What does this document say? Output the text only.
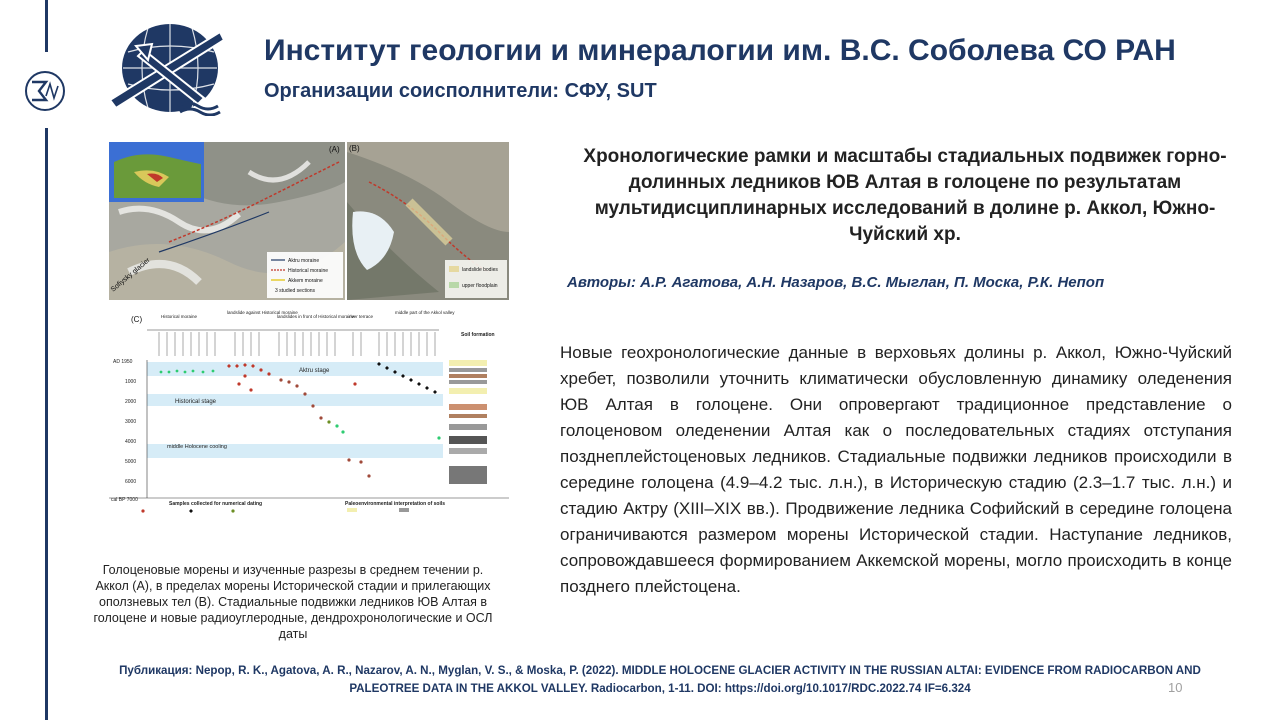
Институт геологии и минералогии им. В.С. Соболева СО РАН
Организации соисполнители: СФУ, SUT
(A)
Sofiysky glacier	Aktru moraine
Historical moraine
Akkem moraine
3 studied sections
(B)
landslide bodies
upper floodplain
(C)	Historical moraine
landslide against Historical moraine
landslides in front of Historical moraine
river terrace
middle part of the Akkol valley
Soil formation
Aktru stage
Historical stage
middle Holocene cooling
AD 1950
1000
2000
3000
4000
5000
6000
cal BP 7000
Samples collected for numerical dating	Paleoenvironmental interpretation of soils

Голоценовые морены и изученные разрезы в среднем течении р. Аккол (А), в пределах морены Исторической стадии и прилегающих оползневых тел (В). Стадиальные подвижки ледников ЮВ Алтая в голоцене и новые радиоуглеродные, дендрохронологические и ОСЛ даты

Хронологические рамки и масштабы стадиальных подвижек горно-долинных ледников ЮВ Алтая в голоцене по результатам мультидисциплинарных исследований в долине р. Аккол, Южно-Чуйский хр.

Авторы: А.Р. Агатова, А.Н. Назаров, В.С. Мыглан, П. Моска, Р.К. Непоп

Новые геохронологические данные в верховьях долины р. Аккол, Южно-Чуйский хребет, позволили уточнить климатически обусловленную динамику оледенения ЮВ Алтая в голоцене. Они опровергают традиционное представление о голоценовом оледенении Алтая как о последовательных стадиях отступания позднеплейстоценовых ледников. Стадиальные подвижки ледников происходили в середине голоцена (4.9–4.2 тыс. л.н.), в Историческую стадию (2.3–1.7 тыс. л.н.) и стадию Актру (XIII–XIX вв.). Продвижение ледника Софийский в середине голоцена ограничиваются размером морены Исторической стадии. Наступание ледников, сопровождавшееся формированием Аккемской морены, могло происходить в конце позднего плейстоцена.

Публикация: Nepop, R. K., Agatova, A. R., Nazarov, A. N., Myglan, V. S., & Moska, P. (2022). MIDDLE HOLOCENE GLACIER ACTIVITY IN THE RUSSIAN ALTAI: EVIDENCE FROM RADIOCARBON AND
PALEOTREE DATA IN THE AKKOL VALLEY. Radiocarbon, 1-11. DOI: https://doi.org/10.1017/RDC.2022.74 IF=6.324	10
